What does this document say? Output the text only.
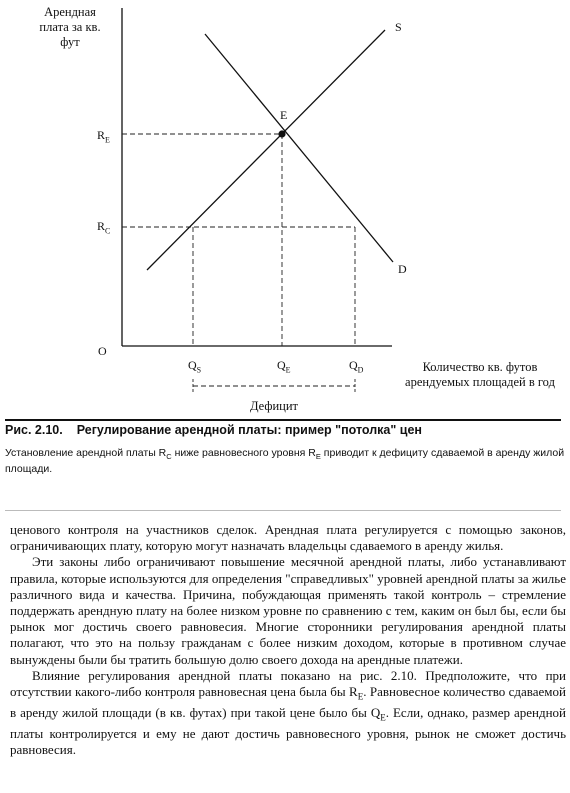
Арендная плата за кв. фут
Количество кв. футов арендуемых площадей в год
O
E
S
D
$R_E$
$R_C$
$Q_S$	$Q_E$	$Q_D$
Дефицит
Рис. 2.10. Регулирование арендной платы: пример "потолка" цен
Установление арендной платы $R_C$ ниже равновесного уровня $R_E$ приводит к дефициту сдаваемой в аренду жилой площади.

ценового контроля на участников сделок. Арендная плата регулируется с помощью законов, ограничивающих плату, которую могут назначать владельцы сдаваемого в аренду жилья.

Эти законы либо ограничивают повышение месячной арендной платы, либо устанавливают правила, которые используются для определения "справедливых" уровней арендной платы за жилье различного вида и качества. Причина, побуждающая применять такой контроль – стремление поддержать арендную плату на более низком уровне по сравнению с тем, каким он был бы, если бы рынок мог достичь своего равновесия. Многие сторонники регулирования арендной платы полагают, что это на пользу гражданам с более низким доходом, которые в противном случае вынуждены были бы тратить большую долю своего дохода на арендные платежи.

Влияние регулирования арендной платы показано на рис. 2.10. Предположите, что при отсутствии какого-либо контроля равновесная цена была бы $R_E$. Равновесное количество сдаваемой в аренду жилой площади (в кв. футах) при такой цене было бы $Q_E$. Если, однако, размер арендной платы контролируется и ему не дают достичь равновесного уровня, рынок не сможет достичь равновесия.
